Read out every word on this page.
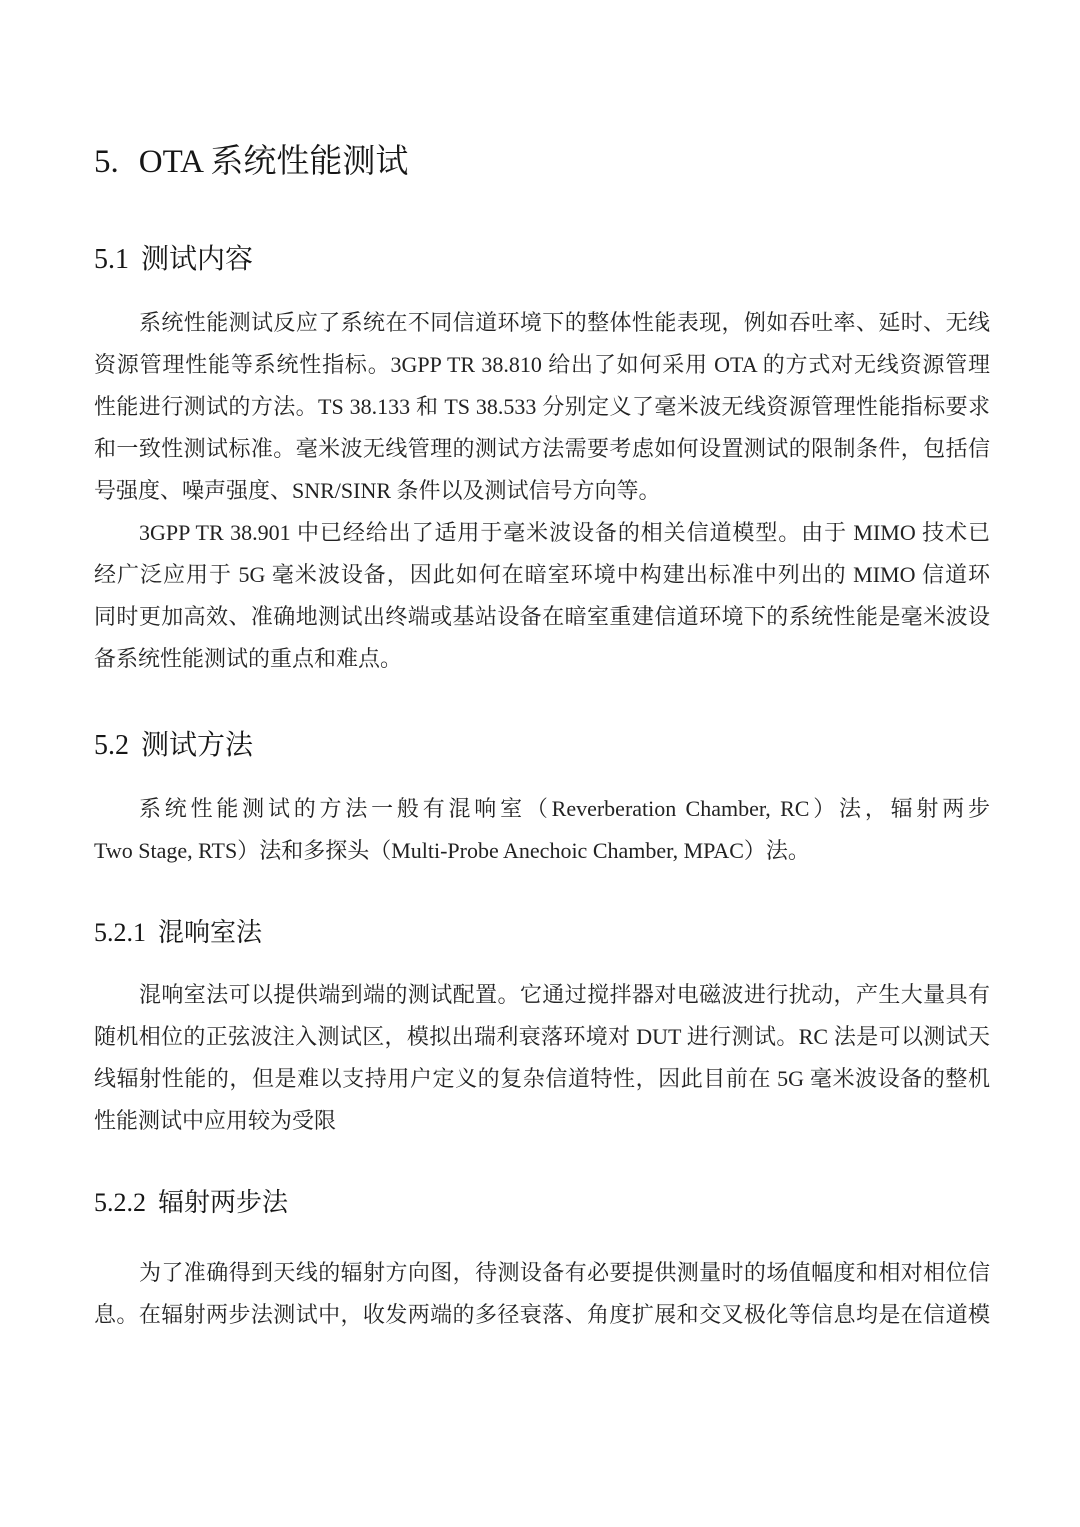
5. OTA 系统性能测试
5.1 测试内容
系统性能测试反应了系统在不同信道环境下的整体性能表现，例如吞吐率、延时、无线
资源管理性能等系统性指标。3GPP TR 38.810 给出了如何采用 OTA 的方式对无线资源管理
性能进行测试的方法。TS 38.133 和 TS 38.533 分别定义了毫米波无线资源管理性能指标要求
和一致性测试标准。毫米波无线管理的测试方法需要考虑如何设置测试的限制条件，包括信
号强度、噪声强度、SNR/SINR 条件以及测试信号方向等。
3GPP TR 38.901 中已经给出了适用于毫米波设备的相关信道模型。由于 MIMO 技术已
经广泛应用于 5G 毫米波设备，因此如何在暗室环境中构建出标准中列出的 MIMO 信道环
同时更加高效、准确地测试出终端或基站设备在暗室重建信道环境下的系统性能是毫米波设
备系统性能测试的重点和难点。
5.2 测试方法
系统性能测试的方法一般有混响室（Reverberation Chamber, RC）法，辐射两步
Two Stage, RTS）法和多探头（Multi-Probe Anechoic Chamber, MPAC）法。
5.2.1 混响室法
混响室法可以提供端到端的测试配置。它通过搅拌器对电磁波进行扰动，产生大量具有
随机相位的正弦波注入测试区，模拟出瑞利衰落环境对 DUT 进行测试。RC 法是可以测试天
线辐射性能的，但是难以支持用户定义的复杂信道特性，因此目前在 5G 毫米波设备的整机
性能测试中应用较为受限
5.2.2 辐射两步法
为了准确得到天线的辐射方向图，待测设备有必要提供测量时的场值幅度和相对相位信
息。在辐射两步法测试中，收发两端的多径衰落、角度扩展和交叉极化等信息均是在信道模
